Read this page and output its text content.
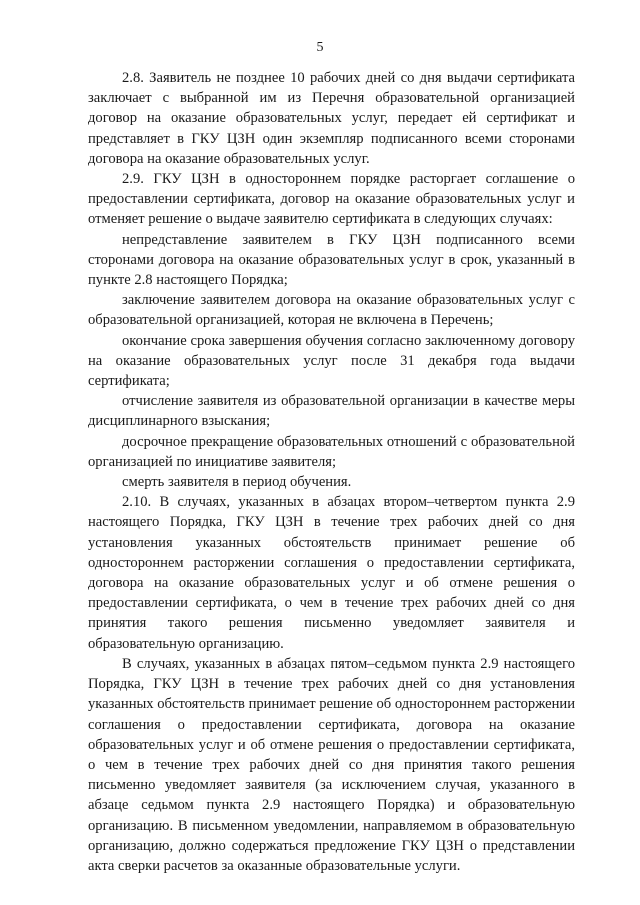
5

2.8. Заявитель не позднее 10 рабочих дней со дня выдачи сертификата заключает с выбранной им из Перечня образовательной организацией договор на оказание образовательных услуг, передает ей сертификат и представляет в ГКУ ЦЗН один экземпляр подписанного всеми сторонами договора на оказание образовательных услуг.

2.9. ГКУ ЦЗН в одностороннем порядке расторгает соглашение о предоставлении сертификата, договор на оказание образовательных услуг и отменяет решение о выдаче заявителю сертификата в следующих случаях:

непредставление заявителем в ГКУ ЦЗН подписанного всеми сторонами договора на оказание образовательных услуг в срок, указанный в пункте 2.8 настоящего Порядка;

заключение заявителем договора на оказание образовательных услуг с образовательной организацией, которая не включена в Перечень;

окончание срока завершения обучения согласно заключенному договору на оказание образовательных услуг после 31 декабря года выдачи сертификата;

отчисление заявителя из образовательной организации в качестве меры дисциплинарного взыскания;

досрочное прекращение образовательных отношений с образовательной организацией по инициативе заявителя;

смерть заявителя в период обучения.

2.10. В случаях, указанных в абзацах втором–четвертом пункта 2.9 настоящего Порядка, ГКУ ЦЗН в течение трех рабочих дней со дня установления указанных обстоятельств принимает решение об одностороннем расторжении соглашения о предоставлении сертификата, договора на оказание образовательных услуг и об отмене решения о предоставлении сертификата, о чем в течение трех рабочих дней со дня принятия такого решения письменно уведомляет заявителя и образовательную организацию.

В случаях, указанных в абзацах пятом–седьмом пункта 2.9 настоящего Порядка, ГКУ ЦЗН в течение трех рабочих дней со дня установления указанных обстоятельств принимает решение об одностороннем расторжении соглашения о предоставлении сертификата, договора на оказание образовательных услуг и об отмене решения о предоставлении сертификата, о чем в течение трех рабочих дней со дня принятия такого решения письменно уведомляет заявителя (за исключением случая, указанного в абзаце седьмом пункта 2.9 настоящего Порядка) и образовательную организацию. В письменном уведомлении, направляемом в образовательную организацию, должно содержаться предложение ГКУ ЦЗН о представлении акта сверки расчетов за оказанные образовательные услуги.
